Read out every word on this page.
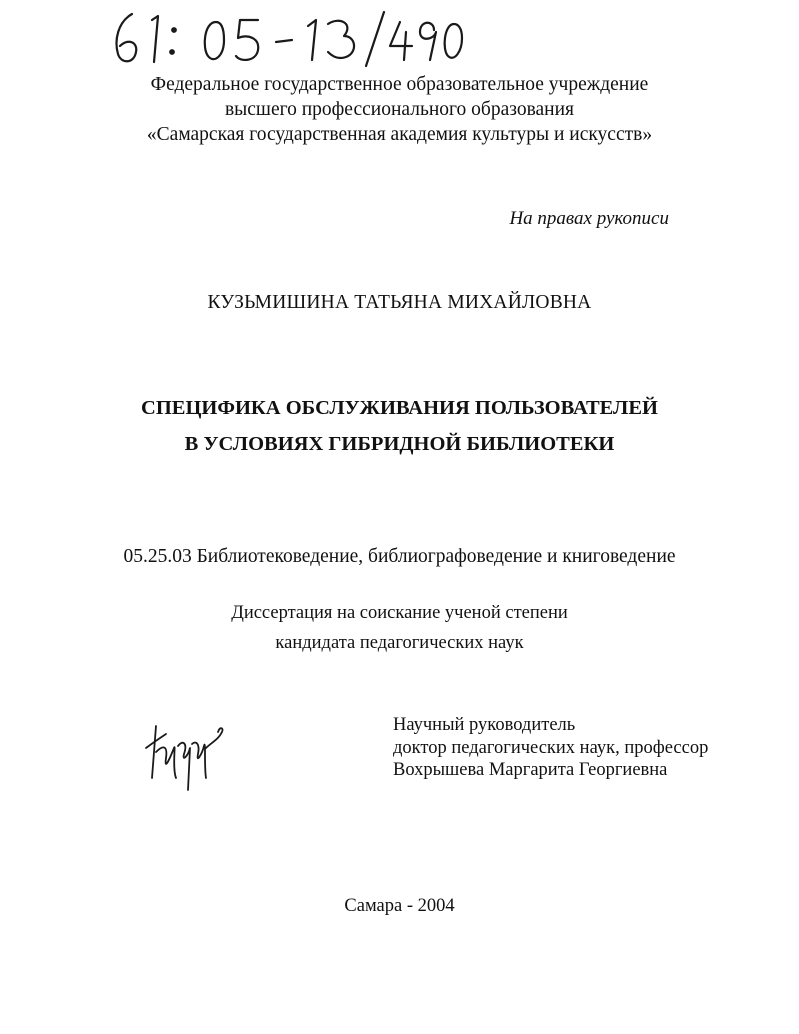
Федеральное государственное образовательное учреждение
высшего профессионального образования
«Самарская государственная академия культуры и искусств»
На правах рукописи
КУЗЬМИШИНА ТАТЬЯНА МИХАЙЛОВНА
СПЕЦИФИКА ОБСЛУЖИВАНИЯ ПОЛЬЗОВАТЕЛЕЙ
В УСЛОВИЯХ ГИБРИДНОЙ БИБЛИОТЕКИ
05.25.03 Библиотековедение, библиографоведение и книговедение
Диссертация на соискание ученой степени
кандидата педагогических наук
Научный руководитель
доктор педагогических наук, профессор
Вохрышева Маргарита Георгиевна
Самара - 2004
